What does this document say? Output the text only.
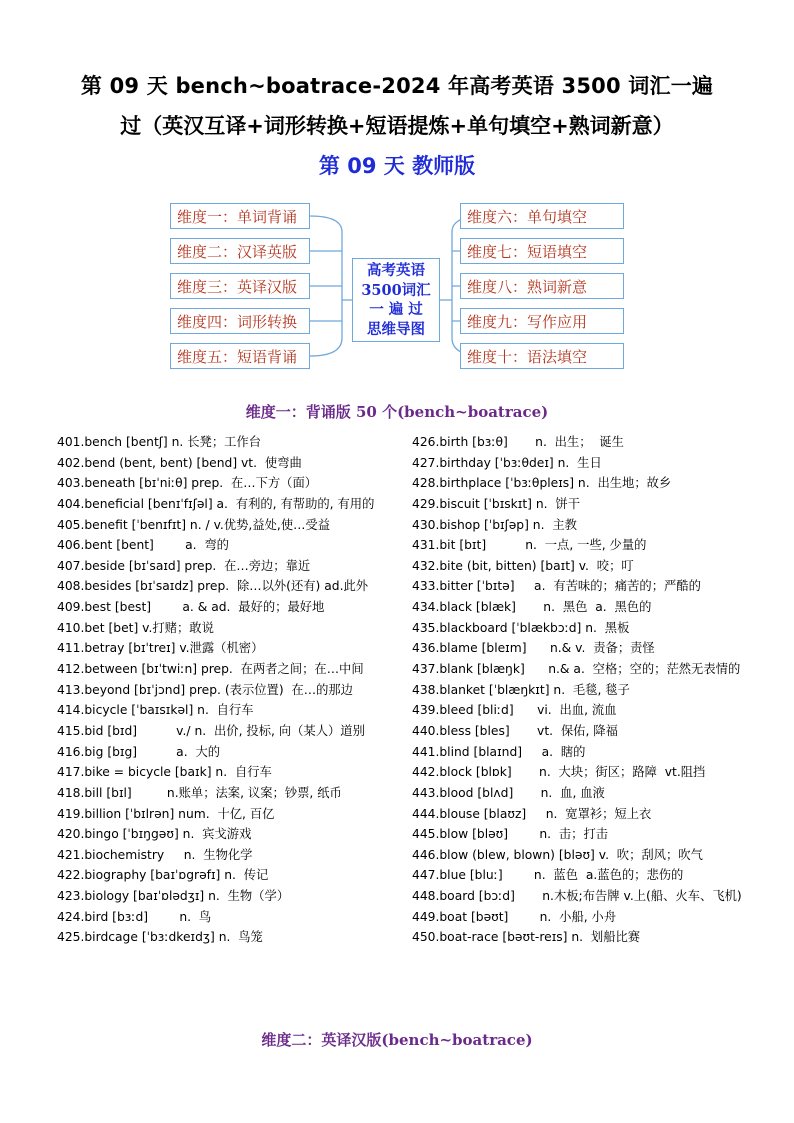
第 09 天 bench~boatrace-2024 年高考英语 3500 词汇一遍
过（英汉互译+词形转换+短语提炼+单句填空+熟词新意）
第 09 天 教师版
维度一：单词背诵
维度二：汉译英版
维度三：英译汉版
维度四：词形转换
维度五：短语背诵
维度六：单句填空
维度七：短语填空
维度八：熟词新意
维度九：写作应用
维度十：语法填空
高考英语
3500词汇
一 遍 过
思维导图
维度一：背诵版 50 个(bench~boatrace)
401.bench [bentʃ] n. 长凳；工作台
402.bend (bent, bent) [bend] vt.  使弯曲
403.beneath [bɪˈniːθ] prep.  在…下方（面）
404.beneficial [benɪˈfɪʃəl] a.  有利的, 有帮助的, 有用的
405.benefit [ˈbenɪfɪt] n. / v.优势,益处,使…受益
406.bent [bent]        a.  弯的
407.beside [bɪˈsaɪd] prep.  在…旁边；靠近
408.besides [bɪˈsaɪdz] prep.  除…以外(还有) ad.此外
409.best [best]        a. & ad.  最好的；最好地
410.bet [bet] v.打赌；敢说
411.betray [bɪˈtreɪ] v.泄露（机密）
412.between [bɪˈtwiːn] prep.  在两者之间；在…中间
413.beyond [bɪˈjɔnd] prep. (表示位置)  在…的那边
414.bicycle [ˈbaɪsɪkəl] n.  自行车
415.bid [bɪd]          v./ n.  出价, 投标, 向（某人）道别
416.big [bɪg]          a.  大的
417.bike = bicycle [baɪk] n.  自行车
418.bill [bɪl]         n.账单；法案, 议案；钞票, 纸币
419.billion [ˈbɪlrən] num.  十亿, 百亿
420.bingo [ˈbɪŋgəʊ] n.  宾戈游戏
421.biochemistry     n.  生物化学
422.biography [baɪˈɒgrəfɪ] n.  传记
423.biology [baɪˈɒlədʒɪ] n.  生物（学）
424.bird [bɜːd]        n.  鸟
425.birdcage [ˈbɜːdkeɪdʒ] n.  鸟笼
426.birth [bɜːθ]       n.  出生；  诞生
427.birthday [ˈbɜːθdeɪ] n.  生日
428.birthplace [ˈbɜːθpleɪs] n.  出生地；故乡
429.biscuit [ˈbɪskɪt] n.  饼干
430.bishop [ˈbɪʃəp] n.  主教
431.bit [bɪt]          n.  一点, 一些, 少量的
432.bite (bit, bitten) [baɪt] v.  咬；叮
433.bitter [ˈbɪtə]     a.  有苦味的；痛苦的；严酷的
434.black [blæk]       n.  黑色  a.  黑色的
435.blackboard [ˈblækbɔːd] n.  黑板
436.blame [bleɪm]      n.& v.  责备；责怪
437.blank [blæŋk]      n.& a.  空格；空的；茫然无表情的
438.blanket [ˈblæŋkɪt] n.  毛毯, 毯子
439.bleed [bliːd]      vi.  出血, 流血
440.bless [bles]       vt.  保佑, 降福
441.blind [blaɪnd]     a.  瞎的
442.block [blɒk]       n.  大块；街区；路障  vt.阻挡
443.blood [blʌd]       n.  血, 血液
444.blouse [blaʊz]     n.  宽罩衫；短上衣
445.blow [bləʊ]        n.  击；打击
446.blow (blew, blown) [bləʊ] v.  吹；刮风；吹气
447.blue [bluː]        n.  蓝色  a.蓝色的；悲伤的
448.board [bɔːd]       n.木板;布告牌 v.上(船、火车、飞机)
449.boat [bəʊt]        n.  小船, 小舟
450.boat-race [bəʊt-reɪs] n.  划船比赛
维度二：英译汉版(bench~boatrace)
